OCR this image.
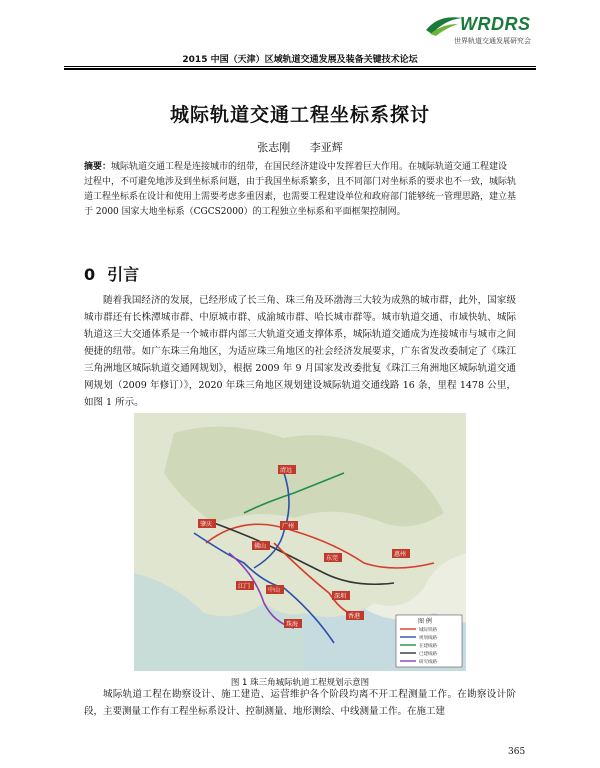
WRDRS
世界轨道交通发展研究会
2015 中国（天津）区域轨道交通发展及装备关键技术论坛
城际轨道交通工程坐标系探讨
张志刚 李亚辉
摘要：城际轨道交通工程是连接城市的纽带，在国民经济建设中发挥着巨大作用。在城际轨道交通工程建设过程中，不可避免地涉及到坐标系问题，由于我国坐标系繁多，且不同部门对坐标系的要求也不一致，城际轨道工程坐标系在设计和使用上需要考虑多重因素，也需要工程建设单位和政府部门能够统一管理思路，建立基于 2000 国家大地坐标系（CGCS2000）的工程独立坐标系和平面框架控制网。
0 引言

随着我国经济的发展，已经形成了长三角、珠三角及环渤海三大较为成熟的城市群，此外，国家级城市群还有长株潭城市群、中原城市群、成渝城市群、哈长城市群等。城市轨道交通、市域快轨、城际轨道这三大交通体系是一个城市群内部三大轨道交通支撑体系，城际轨道交通成为连接城市与城市之间便捷的纽带。如广东珠三角地区，为适应珠三角地区的社会经济发展要求，广东省发改委制定了《珠江三角洲地区城际轨道交通网规划》，根据 2009 年 9 月国家发改委批复《珠江三角洲地区城际轨道交通网规划（2009 年修订）》，2020 年珠三角地区规划建设城际轨道交通线路 16 条，里程 1478 公里，如图 1 所示。

广州
佛山
东莞
深圳
珠海
江门
中山
肇庆
惠州
清远
香港
图 例
城际铁路
规划线路
在建线路
已建线路
研究线路
图 1 珠三角城际轨道工程规划示意图

城际轨道工程在勘察设计、施工建造、运营维护各个阶段均离不开工程测量工作。在勘察设计阶段，主要测量工作有工程坐标系设计、控制测量、地形测绘、中线测量工作。在施工建

365
